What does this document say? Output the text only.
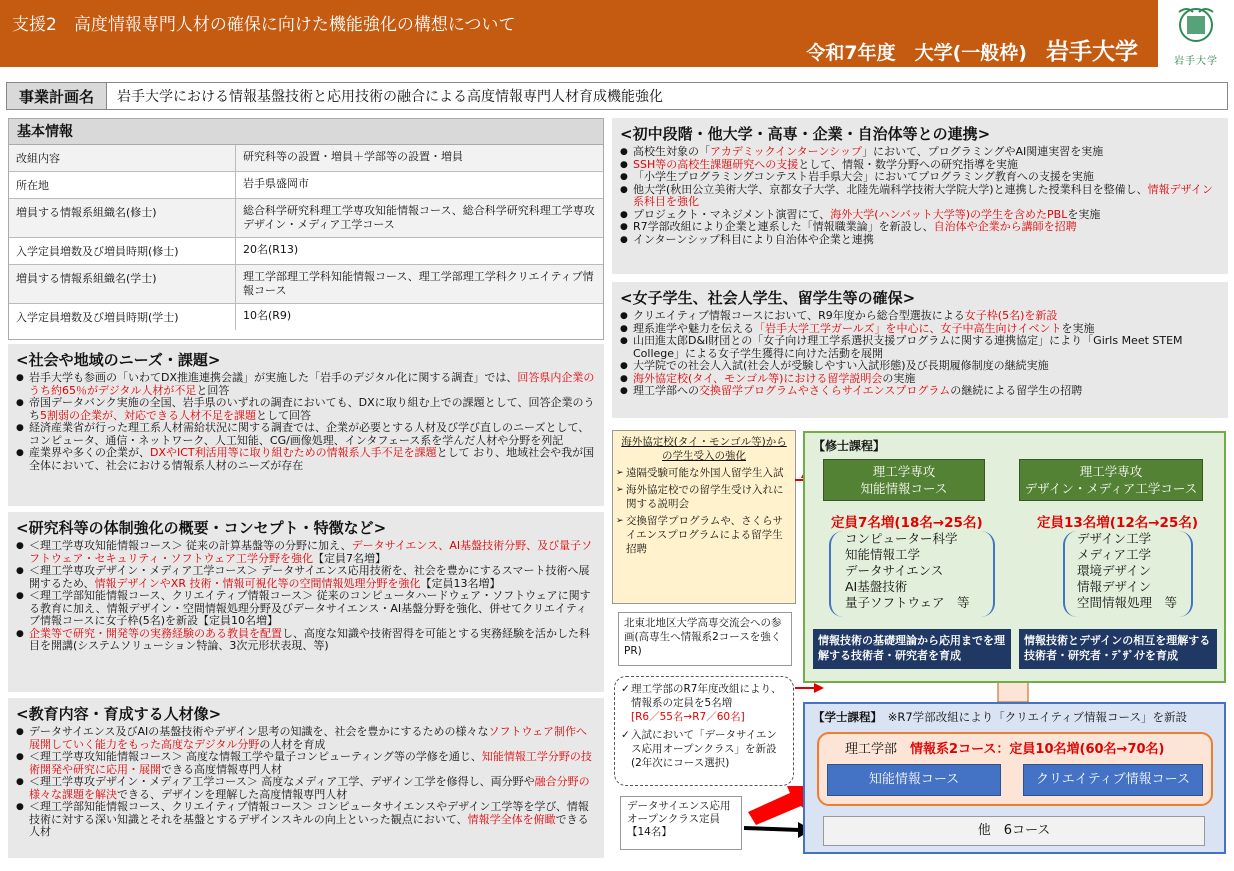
支援2　高度情報専門人材の確保に向けた機能強化の構想について
令和7年度　大学(一般枠)　 岩手大学	岩手大学
事業計画名	岩手大学における情報基盤技術と応用技術の融合による高度情報専門人材育成機能強化
基本情報
改組内容	研究科等の設置・増員＋学部等の設置・増員
所在地	岩手県盛岡市
増員する情報系組織名(修士)	総合科学研究科理工学専攻知能情報コース、総合科学研究科理工学専攻デザイン・メディア工学コース
入学定員増数及び増員時期(修士)	20名(R13)
増員する情報系組織名(学士)	理工学部理工学科知能情報コース、理工学部理工学科クリエイティブ情報コース
入学定員増数及び増員時期(学士)	10名(R9)
<社会や地域のニーズ・課題>
● 岩手大学も参画の「いわてDX推進連携会議」が実施した「岩手のデジタル化に関する調査」では、回答県内企業のうち約65％がデジタル人材が不足と回答
● 帝国データバンク実施の全国、岩手県のいずれの調査においても、DXに取り組む上での課題として、回答企業のうち5割弱の企業が、対応できる人材不足を課題として回答
● 経済産業省が行った理工系人材需給状況に関する調査では、企業が必要とする人材及び学び直しのニーズとして、コンピュータ、通信・ネットワーク、人工知能、CG/画像処理、インタフェース系を学んだ人材や分野を列記
● 産業界や多くの企業が、DXやICT利活用等に取り組むための情報系人手不足を課題として おり、地域社会や我が国全体において、社会における情報系人材のニーズが存在
<研究科等の体制強化の概要・コンセプト・特徴など>
● ＜理工学専攻知能情報コース＞ 従来の計算基盤等の分野に加え、データサイエンス、AI基盤技術分野、及び量子ソフトウェア・セキュリティ・ソフトウェア工学分野を強化【定員7名増】
● ＜理工学専攻デザイン・メディア工学コース＞ データサイエンス応用技術を、社会を豊かにするスマート技術へ展開するため、情報デザインやXR 技術・情報可視化等の空間情報処理分野を強化【定員13名増】
● ＜理工学部知能情報コース、クリエイティブ情報コース＞ 従来のコンピュータハードウェア・ソフトウェアに関する教育に加え、情報デザイン・空間情報処理分野及びデータサイエンス・AI基盤分野を強化、併せてクリエイティブ情報コースに女子枠(5名)を新設【定員10名増】
● 企業等で研究・開発等の実務経験のある教員を配置し、高度な知識や技術習得を可能とする実務経験を活かした科目を開講(システムソリューション特論、3次元形状表現、等)
<教育内容・育成する人材像>
● データサイエンス及びAIの基盤技術やデザイン思考の知識を、社会を豊かにするための様々なソフトウェア制作へ展開していく能力をもった高度なデジタル分野の人材を育成
● ＜理工学専攻知能情報コース＞ 高度な情報工学や量子コンピューティング等の学修を通じ、知能情報工学分野の技術開発や研究に応用・展開できる高度情報専門人材
● ＜理工学専攻デザイン・メディア工学コース＞ 高度なメディア工学、デザイン工学を修得し、両分野や融合分野の様々な課題を解決できる、デザインを理解した高度情報専門人材
● ＜理工学部知能情報コース、クリエイティブ情報コース＞ コンピュータサイエンスやデザイン工学等を学び、情報技術に対する深い知識とそれを基盤とするデザインスキルの向上といった観点において、情報学全体を俯瞰できる人材
<初中段階・他大学・高専・企業・自治体等との連携>
● 高校生対象の「アカデミックインターンシップ」において、プログラミングやAI関連実習を実施
● SSH等の高校生課題研究への支援として、情報・数学分野への研究指導を実施
● 「小学生プログラミングコンテスト岩手県大会」においてプログラミング教育への支援を実施
● 他大学(秋田公立美術大学、京都女子大学、北陸先端科学技術大学院大学)と連携した授業科目を整備し、情報デザイン系科目を強化
● プロジェクト・マネジメント演習にて、海外大学(ハンバット大学等)の学生を含めたPBLを実施
● R7学部改組により企業と連系した「情報職業論」を新設し、自治体や企業から講師を招聘
● インターンシップ科目により自治体や企業と連携
<女子学生、社会人学生、留学生等の確保>
● クリエイティブ情報コースにおいて、R9年度から総合型選抜による女子枠(5名)を新設
● 理系進学や魅力を伝える「岩手大学工学ガールズ」を中心に、女子中高生向けイベントを実施
● 山田進太郎D&I財団との「女子向け理工学系選択支援プログラムに関する連携協定」により「Girls Meet STEM College」による女子学生獲得に向けた活動を展開
● 大学院での社会人入試(社会人が受験しやすい入試形態)及び長期履修制度の継続実施
● 海外協定校(タイ、モンゴル等)における留学説明会の実施
● 理工学部への交換留学プログラムやさくらサイエンスプログラムの継続による留学生の招聘
海外協定校(タイ・モンゴル等)からの学生受入の強化
➢ 遠隔受験可能な外国人留学生入試
➢ 海外協定校での留学生受け入れに関する説明会
➢ 交換留学プログラムや、さくらサイエンスプログラムによる留学生招聘
北東北地区大学高専交流会への参画(高専生へ情報系2コースを強くPR)
✓ 理工学部のR7年度改組により、情報系の定員を5名増
[R6／55名→R7／60名]
✓ 入試において「データサイエンス応用オープンクラス」を新設(2年次にコース選択)
データサイエンス応用オープンクラス定員【14名】
【修士課程】
理工学専攻
知能情報コース
理工学専攻
デザイン・メディア工学コース
定員7名増(18名→25名)	定員13名増(12名→25名)
コンピューター科学
知能情報工学
データサイエンス
AI基盤技術
量子ソフトウェア　等
デザイン工学
メディア工学
環境デザイン
情報デザイン
空間情報処理　等
情報技術の基礎理論から応用までを理解する技術者・研究者を育成
情報技術とデザインの相互を理解する技術者・研究者・ﾃﾞｻﾞｲﾅを育成
【学士課程】　 ※R7学部改組により「クリエイティブ情報コース」を新設
理工学部　 情報系2コース：定員10名増(60名→70名)
知能情報コース	クリエイティブ情報コース
他　6コース
